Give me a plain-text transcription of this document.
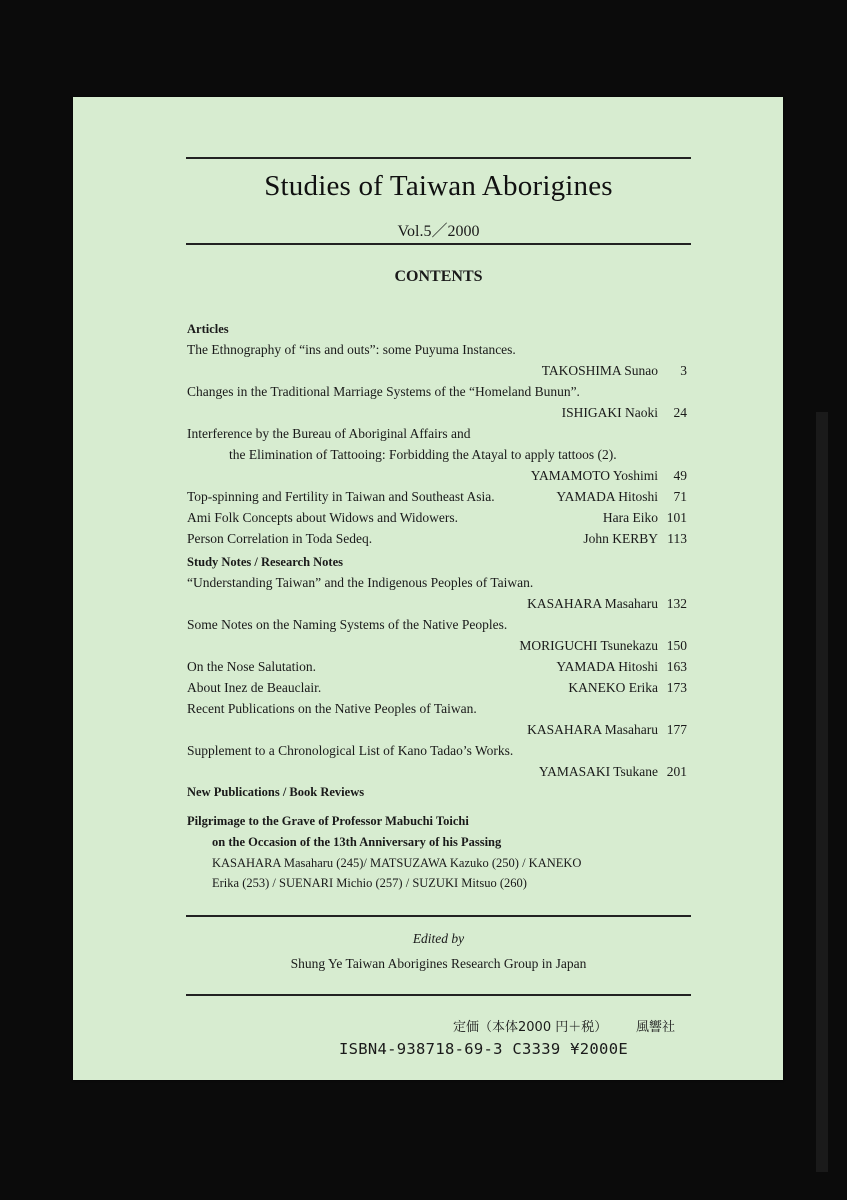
Studies of Taiwan Aborigines
Vol.5／2000
CONTENTS
Articles
The Ethnography of “ins and outs”: some Puyuma Instances.
TAKOSHIMA Sunao 3
Changes in the Traditional Marriage Systems of the “Homeland Bunun”.
ISHIGAKI Naoki 24
Interference by the Bureau of Aboriginal Affairs and
the Elimination of Tattooing: Forbidding the Atayal to apply tattoos (2).
YAMAMOTO Yoshimi 49
Top-spinning and Fertility in Taiwan and Southeast Asia.	YAMADA Hitoshi 71
Ami Folk Concepts about Widows and Widowers.	Hara Eiko 101
Person Correlation in Toda Sedeq.	John KERBY 113
Study Notes / Research Notes
“Understanding Taiwan” and the Indigenous Peoples of Taiwan.
KASAHARA Masaharu 132
Some Notes on the Naming Systems of the Native Peoples.
MORIGUCHI Tsunekazu 150
On the Nose Salutation.	YAMADA Hitoshi 163
About Inez de Beauclair.	KANEKO Erika 173
Recent Publications on the Native Peoples of Taiwan.
KASAHARA Masaharu 177
Supplement to a Chronological List of Kano Tadao’s Works.
YAMASAKI Tsukane 201
New Publications / Book Reviews
Pilgrimage to the Grave of Professor Mabuchi Toichi
on the Occasion of the 13th Anniversary of his Passing
KASAHARA Masaharu (245)/ MATSUZAWA Kazuko (250) / KANEKO
Erika (253) / SUENARI Michio (257) / SUZUKI Mitsuo (260)
Edited by
Shung Ye Taiwan Aborigines Research Group in Japan
定価（本体2000 円＋税） 風響社
ISBN4-938718-69-3 C3339 ¥2000E
